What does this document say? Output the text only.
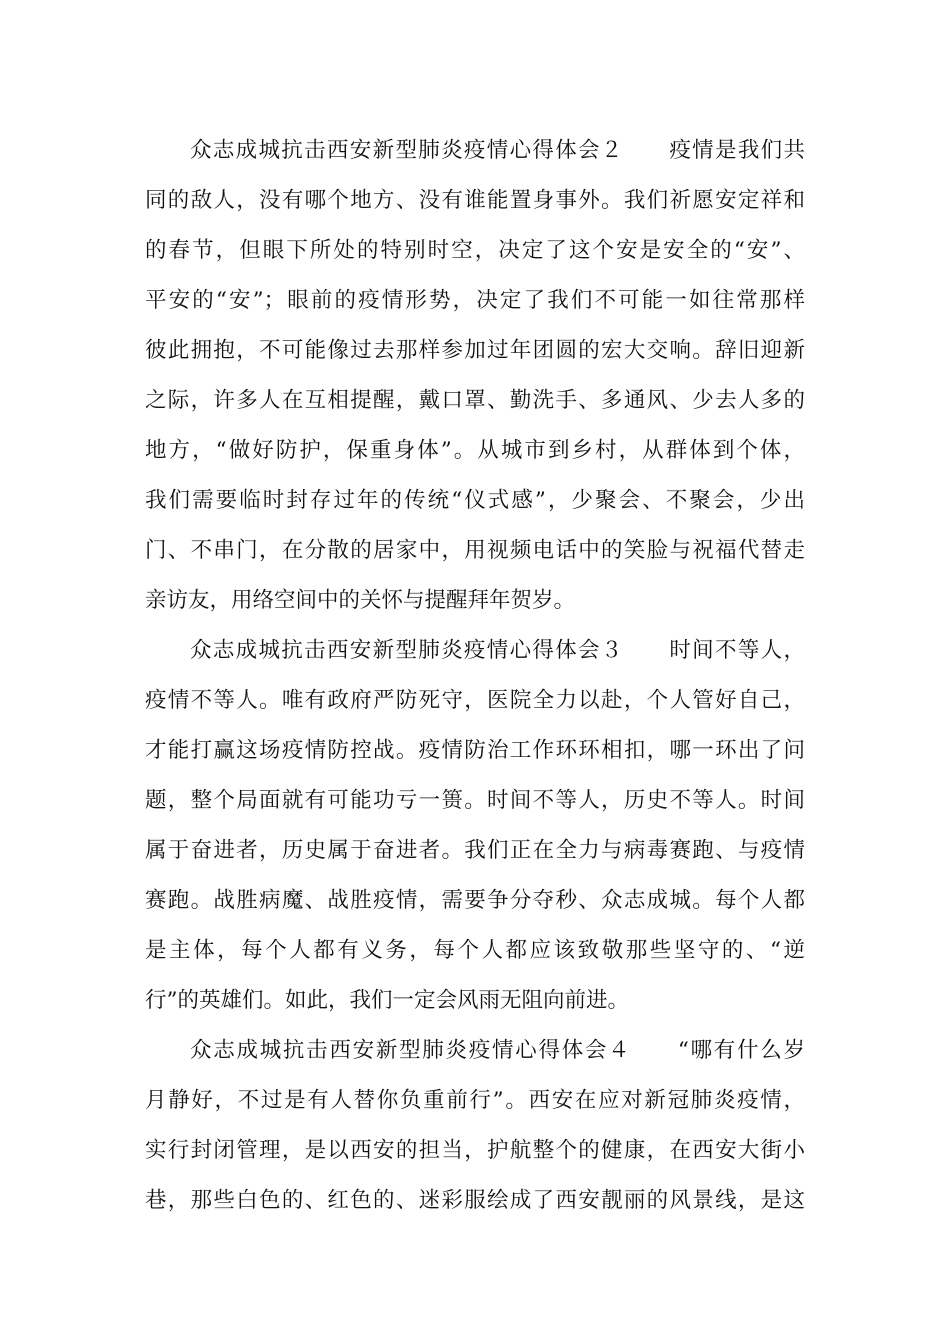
众志成城抗击西安新型肺炎疫情心得体会２　　疫情是我们共
同的敌人，没有哪个地方、没有谁能置身事外。我们祈愿安定祥和
的春节，但眼下所处的特别时空，决定了这个安是安全的“安”、
平安的“安”；眼前的疫情形势，决定了我们不可能一如往常那样
彼此拥抱，不可能像过去那样参加过年团圆的宏大交响。辞旧迎新
之际，许多人在互相提醒，戴口罩、勤洗手、多通风、少去人多的
地方，“做好防护，保重身体”。从城市到乡村，从群体到个体，
我们需要临时封存过年的传统“仪式感”，少聚会、不聚会，少出
门、不串门，在分散的居家中，用视频电话中的笑脸与祝福代替走
亲访友，用络空间中的关怀与提醒拜年贺岁。
众志成城抗击西安新型肺炎疫情心得体会３　　时间不等人，
疫情不等人。唯有政府严防死守，医院全力以赴，个人管好自己，
才能打赢这场疫情防控战。疫情防治工作环环相扣，哪一环出了问
题，整个局面就有可能功亏一篑。时间不等人，历史不等人。时间
属于奋进者，历史属于奋进者。我们正在全力与病毒赛跑、与疫情
赛跑。战胜病魔、战胜疫情，需要争分夺秒、众志成城。每个人都
是主体，每个人都有义务，每个人都应该致敬那些坚守的、“逆
行”的英雄们。如此，我们一定会风雨无阻向前进。
众志成城抗击西安新型肺炎疫情心得体会４　　“哪有什么岁
月静好，不过是有人替你负重前行”。西安在应对新冠肺炎疫情，
实行封闭管理，是以西安的担当，护航整个的健康，在西安大街小
巷，那些白色的、红色的、迷彩服绘成了西安靓丽的风景线，是这
